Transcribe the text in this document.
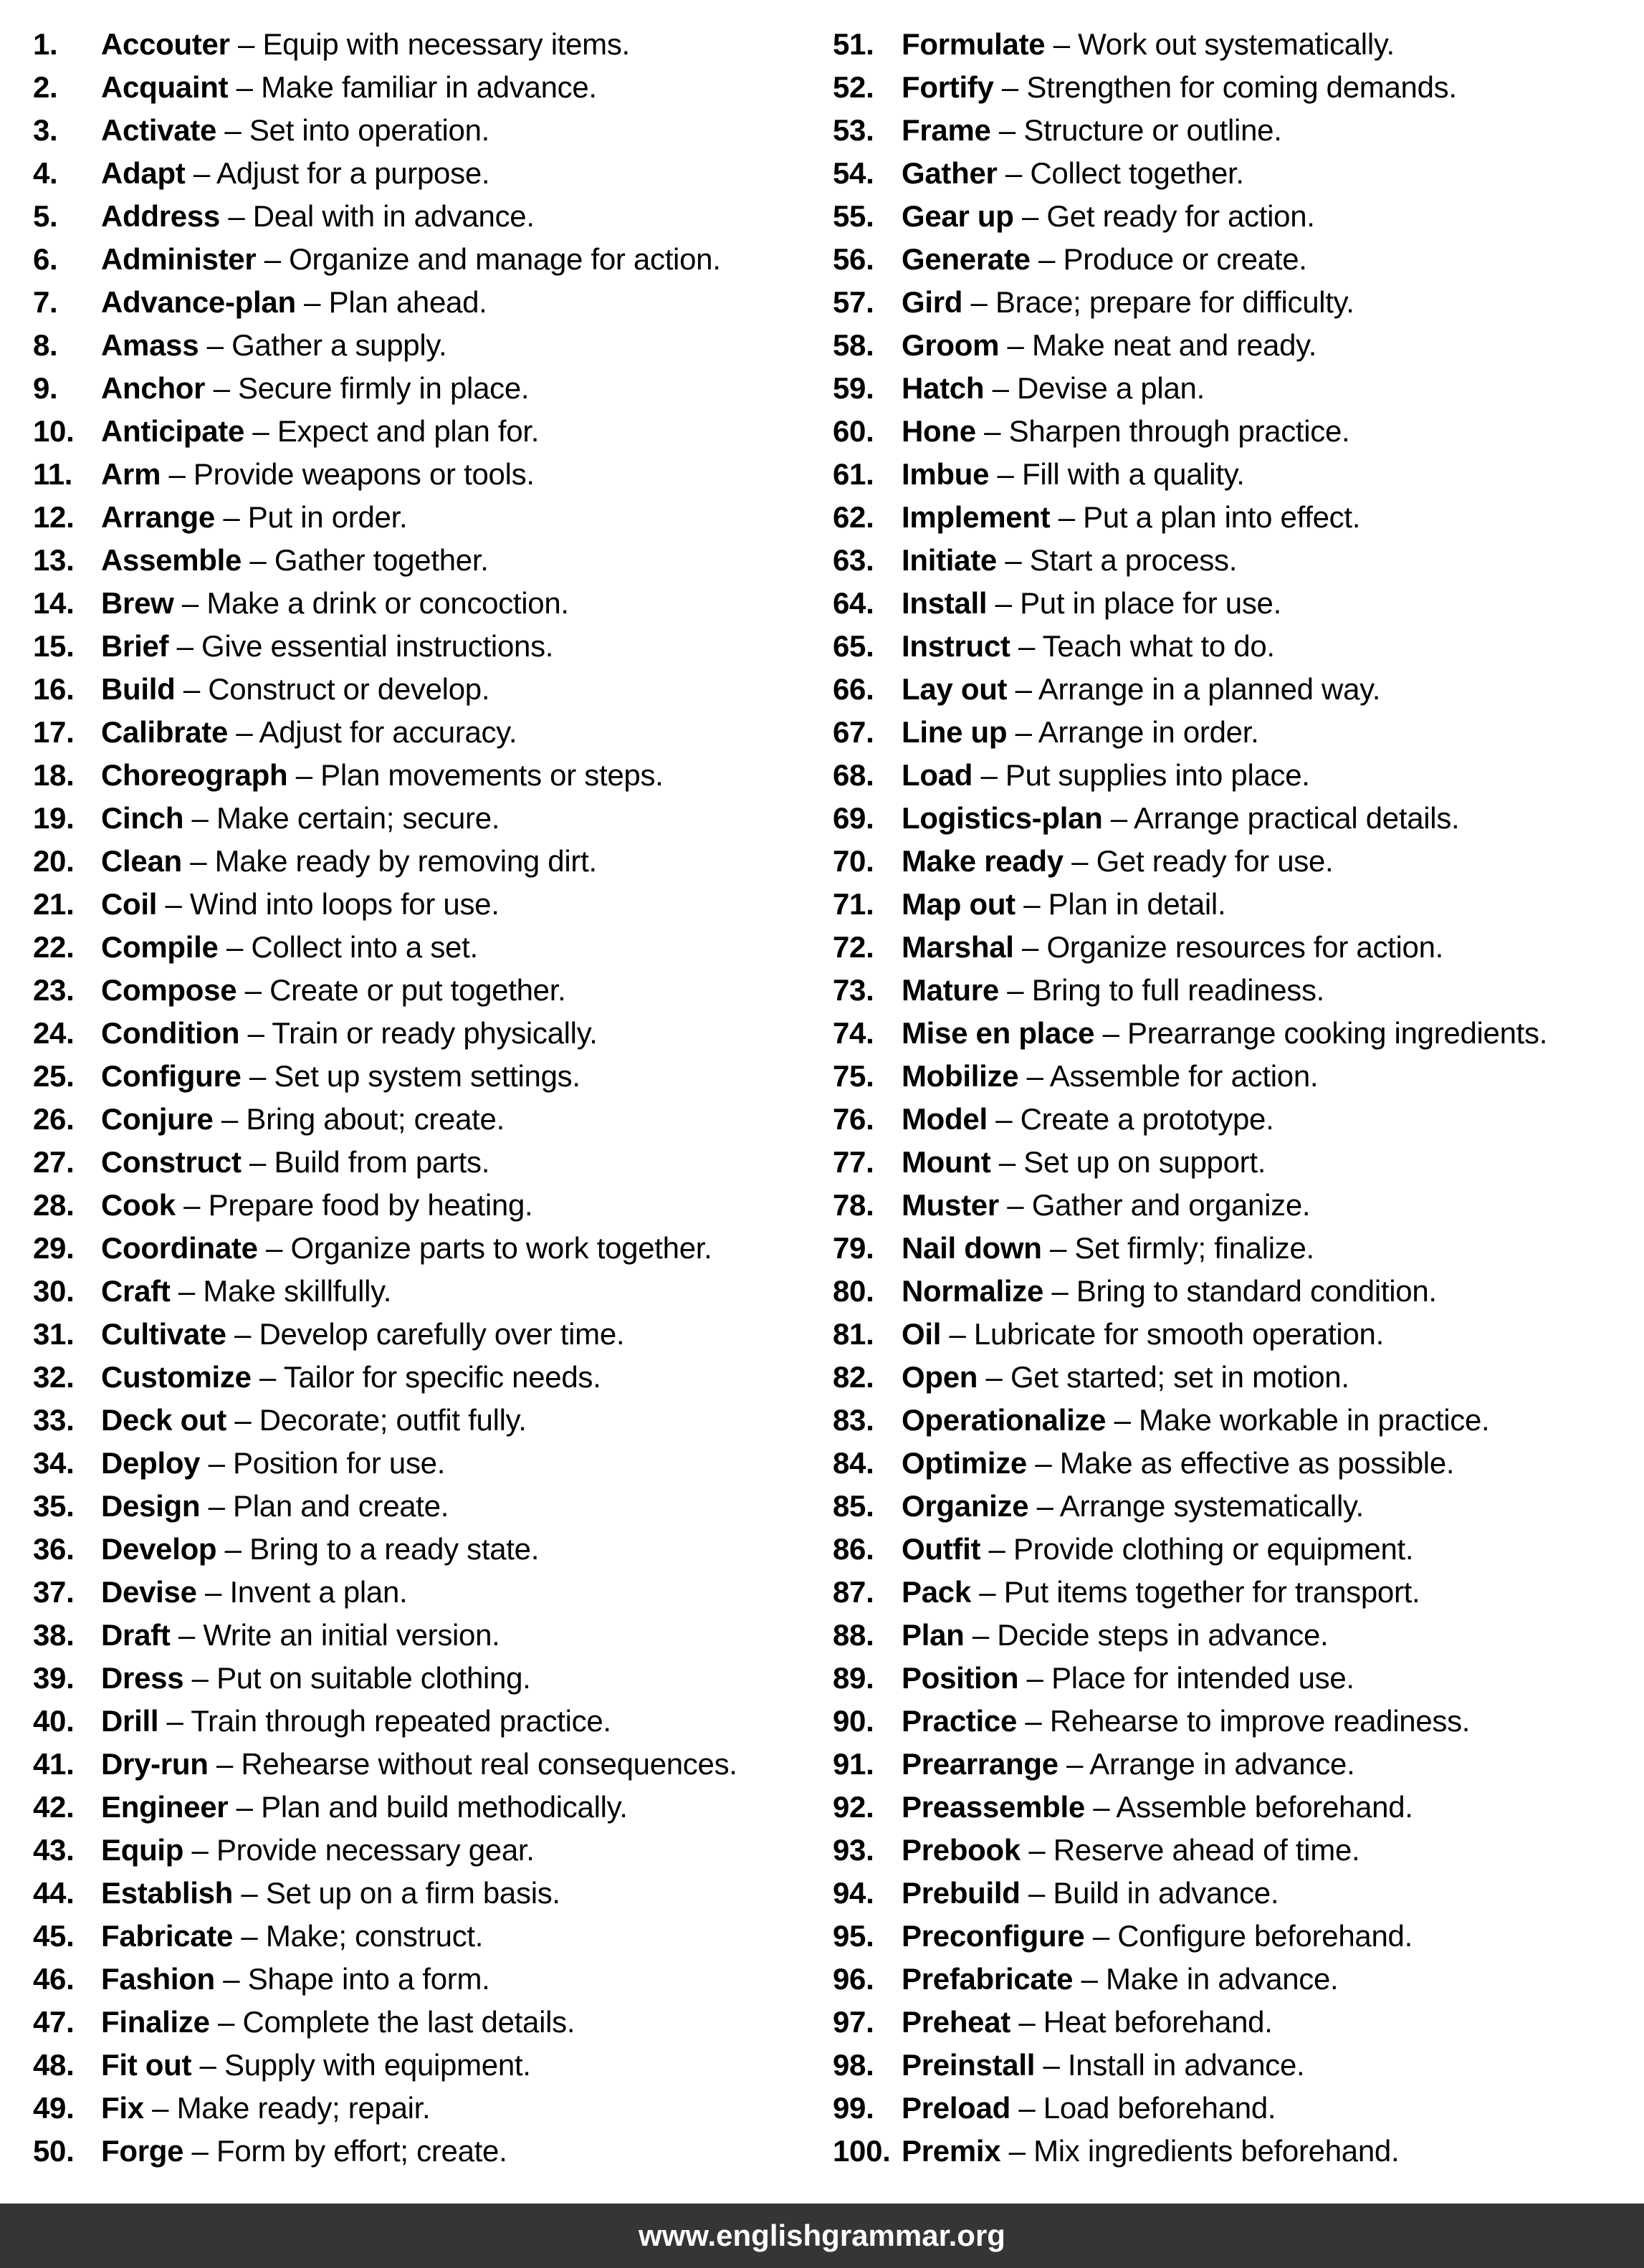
1. Accouter – Equip with necessary items.
2. Acquaint – Make familiar in advance.
3. Activate – Set into operation.
4. Adapt – Adjust for a purpose.
5. Address – Deal with in advance.
6. Administer – Organize and manage for action.
7. Advance-plan – Plan ahead.
8. Amass – Gather a supply.
9. Anchor – Secure firmly in place.
10. Anticipate – Expect and plan for.
11. Arm – Provide weapons or tools.
12. Arrange – Put in order.
13. Assemble – Gather together.
14. Brew – Make a drink or concoction.
15. Brief – Give essential instructions.
16. Build – Construct or develop.
17. Calibrate – Adjust for accuracy.
18. Choreograph – Plan movements or steps.
19. Cinch – Make certain; secure.
20. Clean – Make ready by removing dirt.
21. Coil – Wind into loops for use.
22. Compile – Collect into a set.
23. Compose – Create or put together.
24. Condition – Train or ready physically.
25. Configure – Set up system settings.
26. Conjure – Bring about; create.
27. Construct – Build from parts.
28. Cook – Prepare food by heating.
29. Coordinate – Organize parts to work together.
30. Craft – Make skillfully.
31. Cultivate – Develop carefully over time.
32. Customize – Tailor for specific needs.
33. Deck out – Decorate; outfit fully.
34. Deploy – Position for use.
35. Design – Plan and create.
36. Develop – Bring to a ready state.
37. Devise – Invent a plan.
38. Draft – Write an initial version.
39. Dress – Put on suitable clothing.
40. Drill – Train through repeated practice.
41. Dry-run – Rehearse without real consequences.
42. Engineer – Plan and build methodically.
43. Equip – Provide necessary gear.
44. Establish – Set up on a firm basis.
45. Fabricate – Make; construct.
46. Fashion – Shape into a form.
47. Finalize – Complete the last details.
48. Fit out – Supply with equipment.
49. Fix – Make ready; repair.
50. Forge – Form by effort; create.
51. Formulate – Work out systematically.
52. Fortify – Strengthen for coming demands.
53. Frame – Structure or outline.
54. Gather – Collect together.
55. Gear up – Get ready for action.
56. Generate – Produce or create.
57. Gird – Brace; prepare for difficulty.
58. Groom – Make neat and ready.
59. Hatch – Devise a plan.
60. Hone – Sharpen through practice.
61. Imbue – Fill with a quality.
62. Implement – Put a plan into effect.
63. Initiate – Start a process.
64. Install – Put in place for use.
65. Instruct – Teach what to do.
66. Lay out – Arrange in a planned way.
67. Line up – Arrange in order.
68. Load – Put supplies into place.
69. Logistics-plan – Arrange practical details.
70. Make ready – Get ready for use.
71. Map out – Plan in detail.
72. Marshal – Organize resources for action.
73. Mature – Bring to full readiness.
74. Mise en place – Prearrange cooking ingredients.
75. Mobilize – Assemble for action.
76. Model – Create a prototype.
77. Mount – Set up on support.
78. Muster – Gather and organize.
79. Nail down – Set firmly; finalize.
80. Normalize – Bring to standard condition.
81. Oil – Lubricate for smooth operation.
82. Open – Get started; set in motion.
83. Operationalize – Make workable in practice.
84. Optimize – Make as effective as possible.
85. Organize – Arrange systematically.
86. Outfit – Provide clothing or equipment.
87. Pack – Put items together for transport.
88. Plan – Decide steps in advance.
89. Position – Place for intended use.
90. Practice – Rehearse to improve readiness.
91. Prearrange – Arrange in advance.
92. Preassemble – Assemble beforehand.
93. Prebook – Reserve ahead of time.
94. Prebuild – Build in advance.
95. Preconfigure – Configure beforehand.
96. Prefabricate – Make in advance.
97. Preheat – Heat beforehand.
98. Preinstall – Install in advance.
99. Preload – Load beforehand.
100. Premix – Mix ingredients beforehand.
www.englishgrammar.org
